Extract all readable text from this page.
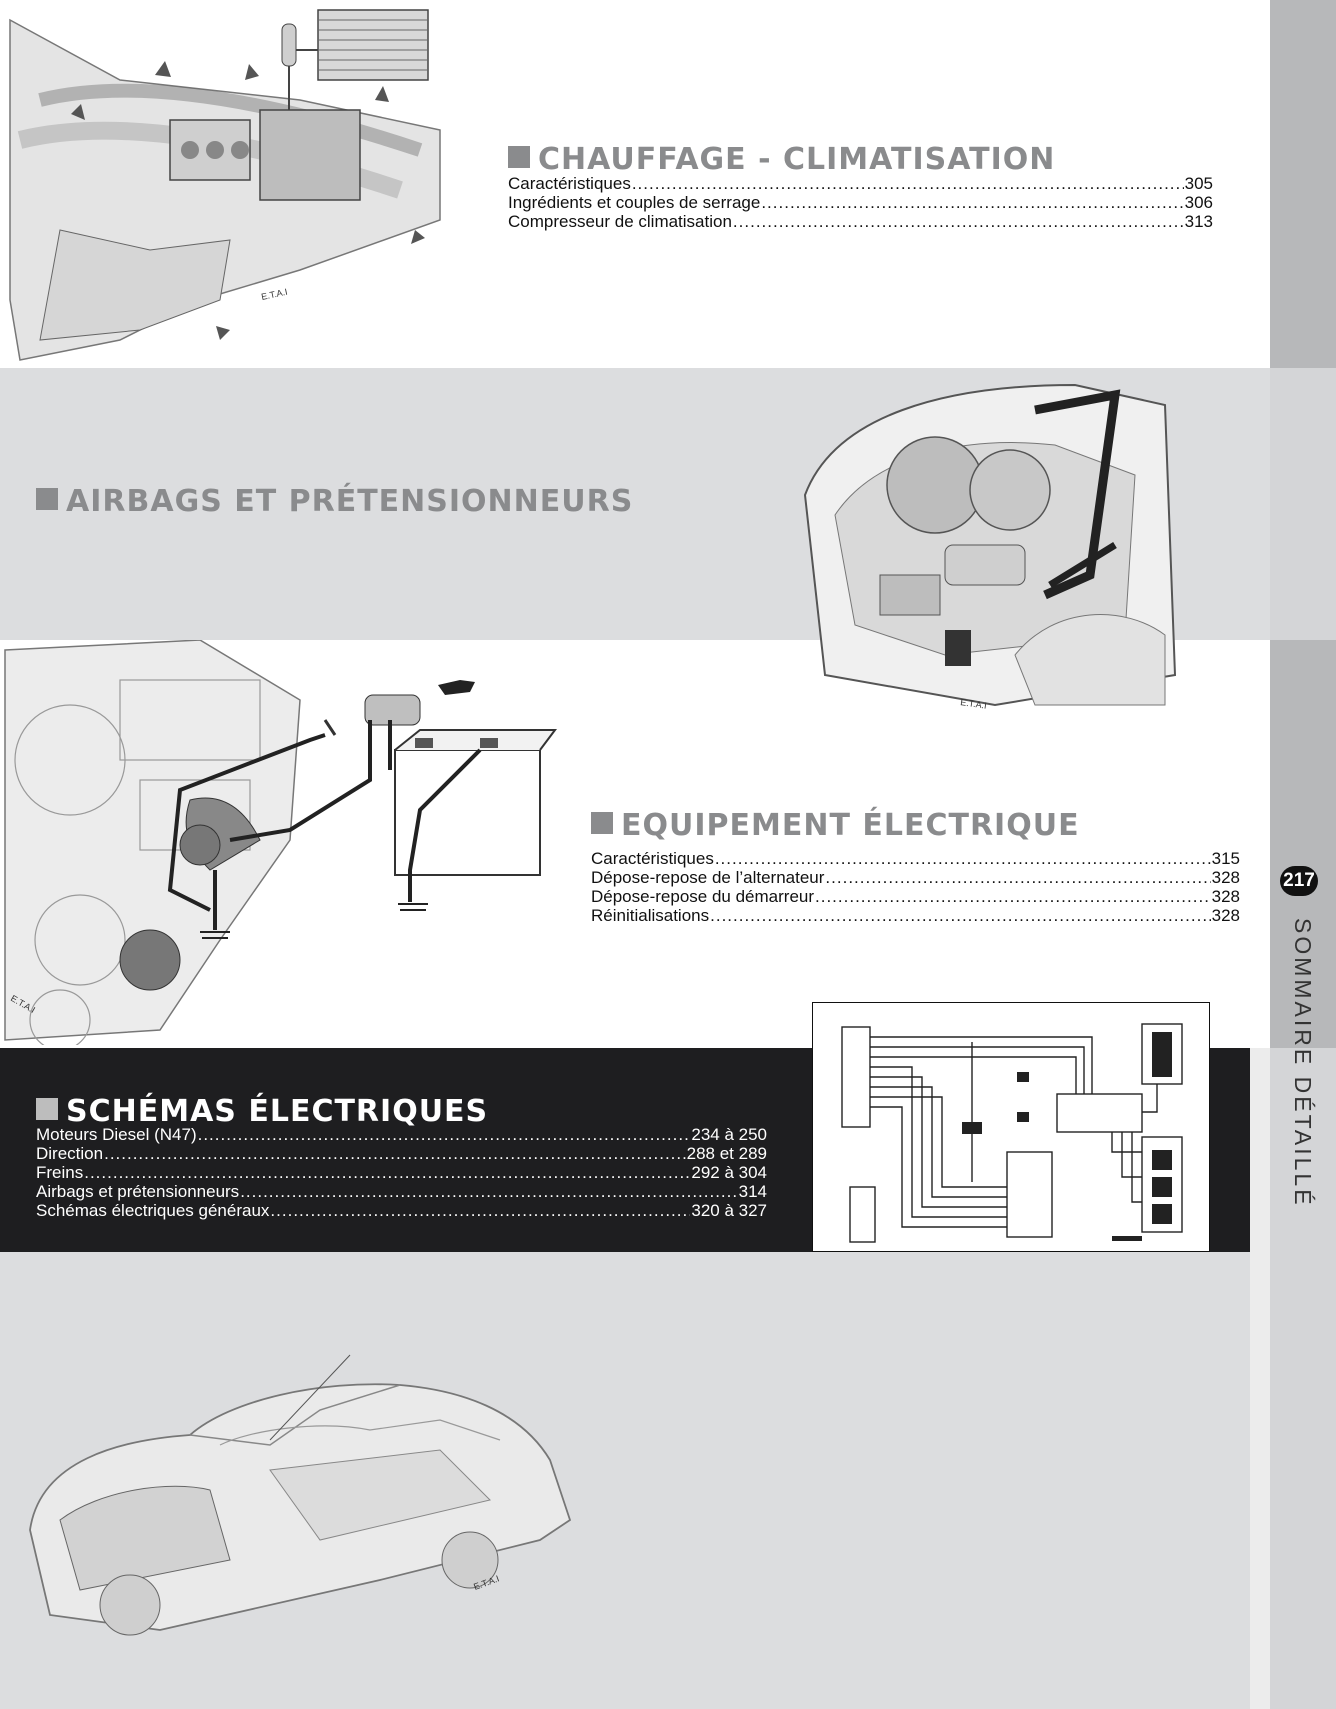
217
SOMMAIRE DÉTAILLÉ
E.T.A.I
E.T.A.I
E.T.A.I
E.T.A.I
CHAUFFAGE - CLIMATISATION
Caractéristiques .....	305
Ingrédients et couples de serrage .....	306
Compresseur de climatisation .....	313
AIRBAGS ET PRÉTENSIONNEURS
EQUIPEMENT ÉLECTRIQUE
Caractéristiques .....	315
Dépose-repose de l’alternateur .....	328
Dépose-repose du démarreur .....	328
Réinitialisations .....	328
SCHÉMAS ÉLECTRIQUES
Moteurs Diesel (N47) .....	234 à 250
Direction .....	288 et 289
Freins .....	292 à 304
Airbags et prétensionneurs .....	314
Schémas électriques généraux .....	320 à 327
